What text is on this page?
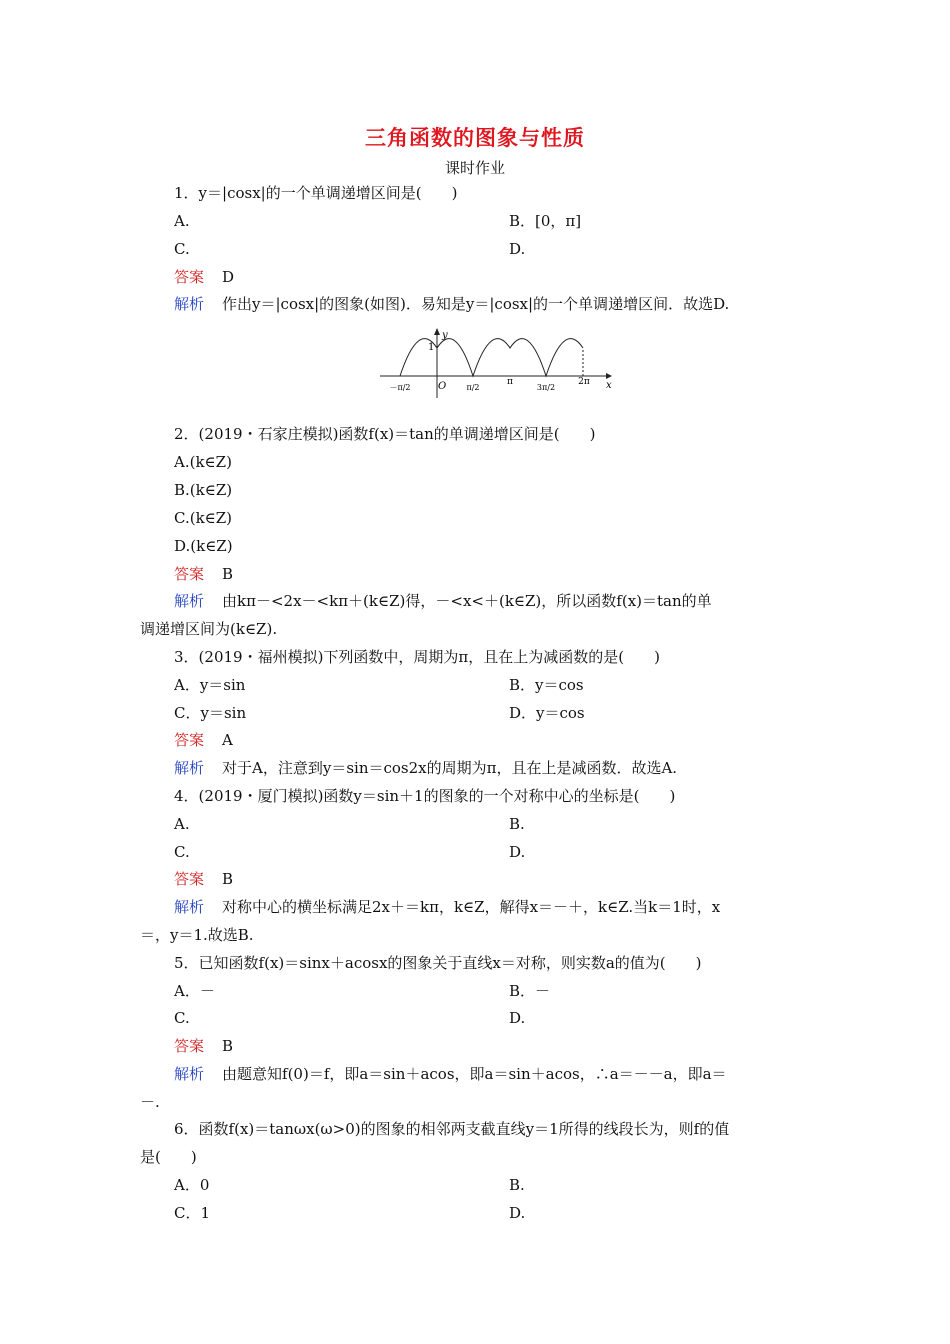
三角函数的图象与性质
课时作业
1．y＝|cosx|的一个单调递增区间是(　　)
A.	B．[0，π]
C.	D.
答案 D
解析 作出y＝|cosx|的图象(如图)．易知是y＝|cosx|的一个单调递增区间．故选D.
y
x
1
O
－π/2	π/2
π
3π/2
2π
2．(2019・石家庄模拟)函数f(x)＝tan的单调递增区间是(　　)
A.(k∈Z)
B.(k∈Z)
C.(k∈Z)
D.(k∈Z)
答案 B
解析 由kπ－<2x－<kπ＋(k∈Z)得，－<x<＋(k∈Z)，所以函数f(x)＝tan的单
调递增区间为(k∈Z).
3．(2019・福州模拟)下列函数中，周期为π，且在上为减函数的是(　　)
A．y＝sin	B．y＝cos
C．y＝sin	D．y＝cos
答案 A
解析 对于A，注意到y＝sin＝cos2x的周期为π，且在上是减函数．故选A.
4．(2019・厦门模拟)函数y＝sin＋1的图象的一个对称中心的坐标是(　　)
A.	B.
C.	D.
答案 B
解析 对称中心的横坐标满足2x＋＝kπ，k∈Z，解得x＝－＋，k∈Z.当k＝1时，x
＝，y＝1.故选B.
5．已知函数f(x)＝sinx＋acosx的图象关于直线x＝对称，则实数a的值为(　　)
A．－	B．－
C.	D.
答案 B
解析 由题意知f(0)＝f，即a＝sin＋acos，即a＝sin＋acos，∴a＝－－a，即a＝
－.
6．函数f(x)＝tanωx(ω>0)的图象的相邻两支截直线y＝1所得的线段长为，则f的值
是(　　)
A．0	B.
C．1	D.
